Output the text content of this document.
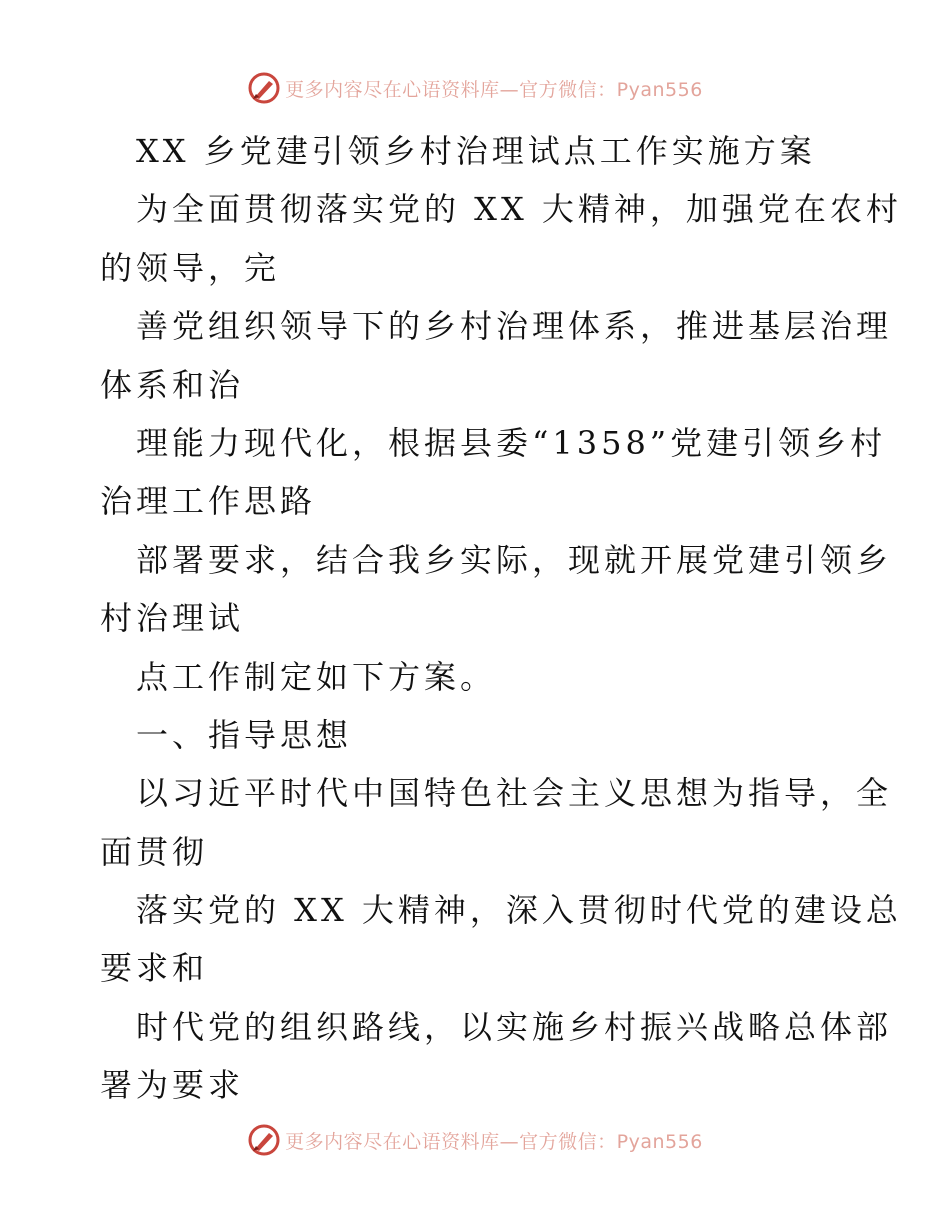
更多内容尽在心语资料库—官方微信：Pyan556
XX 乡党建引领乡村治理试点工作实施方案
为全面贯彻落实党的 XX 大精神，加强党在农村
的领导，完
善党组织领导下的乡村治理体系，推进基层治理
体系和治
理能力现代化，根据县委“1358”党建引领乡村
治理工作思路
部署要求，结合我乡实际，现就开展党建引领乡
村治理试
点工作制定如下方案。
一、指导思想
以习近平时代中国特色社会主义思想为指导，全
面贯彻
落实党的 XX 大精神，深入贯彻时代党的建设总
要求和
时代党的组织路线，以实施乡村振兴战略总体部
署为要求
更多内容尽在心语资料库—官方微信：Pyan556
